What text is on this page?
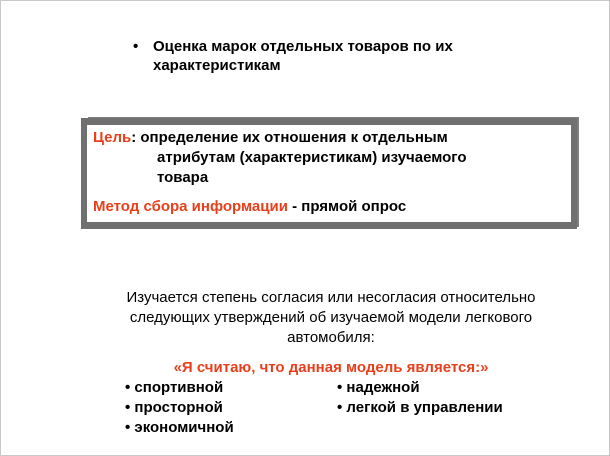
• Оценка марок отдельных товаров по их характеристикам
Цель: определение их отношения к отдельным
атрибутам (характеристикам) изучаемого
товара
Метод сбора информации - прямой опрос
Изучается степень согласия или несогласия относительно следующих утверждений об изучаемой модели легкового автомобиля:
«Я считаю, что данная модель является:»
• спортивной
• просторной
• экономичной
• надежной
• легкой в управлении
